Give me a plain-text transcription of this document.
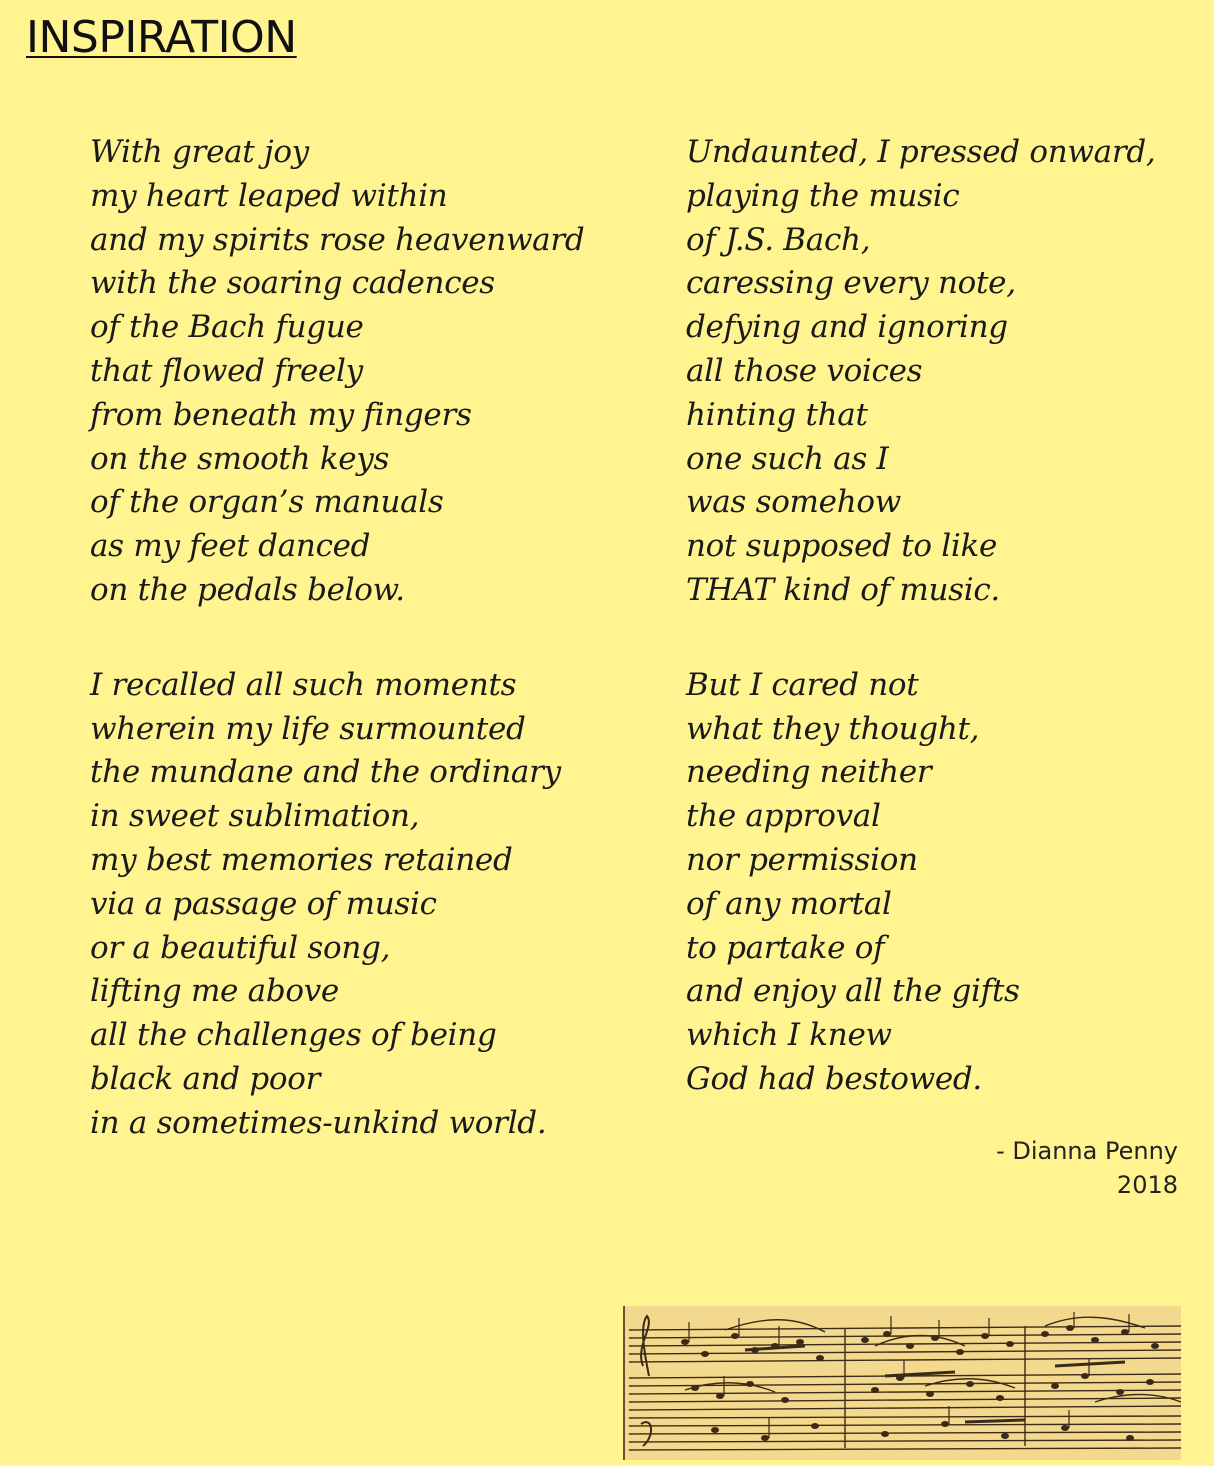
INSPIRATION
With great joy
my heart leaped within
and my spirits rose heavenward
with the soaring cadences
of the Bach fugue
that flowed freely
from beneath my fingers
on the smooth keys
of the organ’s manuals
as my feet danced
on the pedals below.
I recalled all such moments
wherein my life surmounted
the mundane and the ordinary
in sweet sublimation,
my best memories retained
via a passage of music
or a beautiful song,
lifting me above
all the challenges of being
black and poor
in a sometimes-unkind world.
Undaunted, I pressed onward,
playing the music
of J.S. Bach,
caressing every note,
defying and ignoring
all those voices
hinting that
one such as I
was somehow
not supposed to like
THAT kind of music.
But I cared not
what they thought,
needing neither
the approval
nor permission
of any mortal
to partake of
and enjoy all the gifts
which I knew
God had bestowed.
- Dianna Penny
2018
